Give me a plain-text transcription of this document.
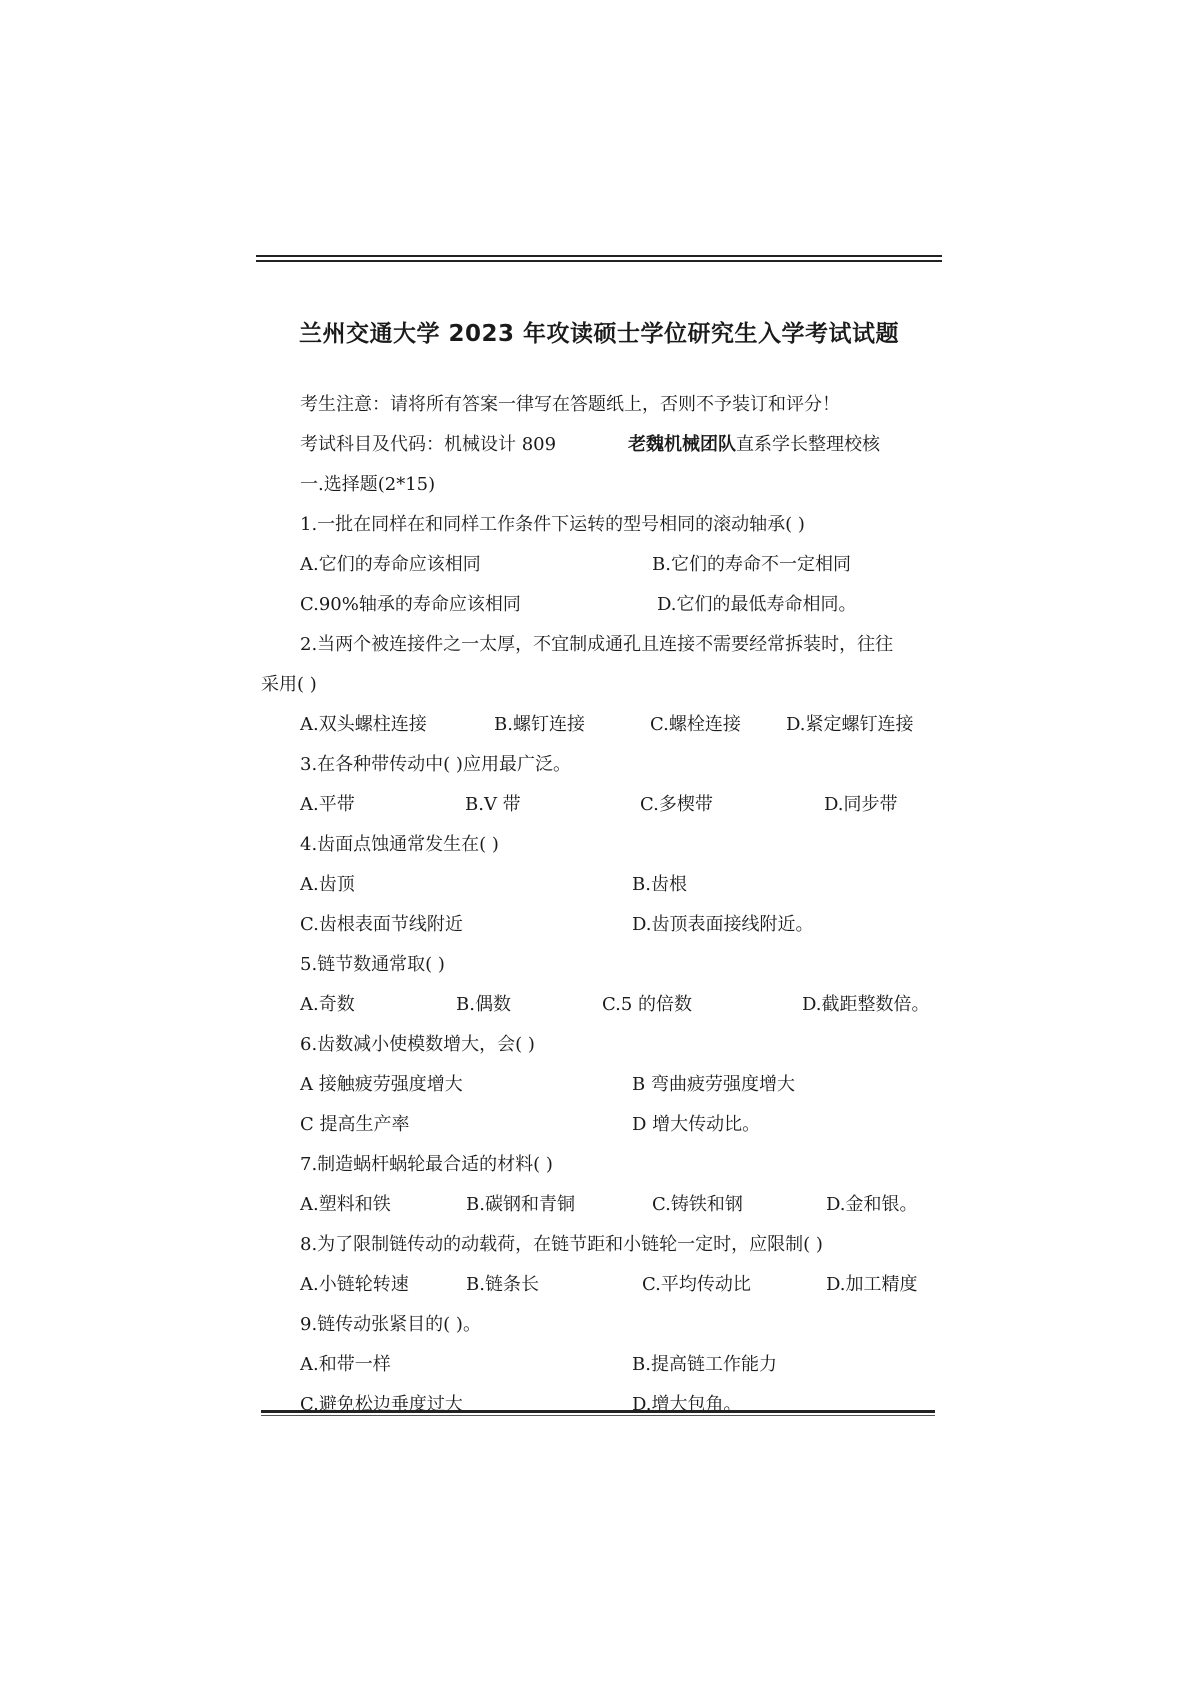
兰州交通大学 2023 年攻读硕士学位研究生入学考试试题
考生注意：请将所有答案一律写在答题纸上，否则不予装订和评分！
考试科目及代码：机械设计 809	老魏机械团队直系学长整理校核
一.选择题(2*15)
1.一批在同样在和同样工作条件下运转的型号相同的滚动轴承( )
A.它们的寿命应该相同	B.它们的寿命不一定相同
C.90%轴承的寿命应该相同	D.它们的最低寿命相同。
2.当两个被连接件之一太厚，不宜制成通孔且连接不需要经常拆装时，往往
采用( )
A.双头螺柱连接	B.螺钉连接	C.螺栓连接	D.紧定螺钉连接
3.在各种带传动中( )应用最广泛。
A.平带	B.V 带	C.多楔带	D.同步带
4.齿面点蚀通常发生在( )
A.齿顶	B.齿根
C.齿根表面节线附近	D.齿顶表面接线附近。
5.链节数通常取( )
A.奇数	B.偶数	C.5 的倍数	D.截距整数倍。
6.齿数减小使模数增大，会( )
A 接触疲劳强度增大	B 弯曲疲劳强度增大
C 提高生产率	D 增大传动比。
7.制造蜗杆蜗轮最合适的材料( )
A.塑料和铁	B.碳钢和青铜	C.铸铁和钢	D.金和银。
8.为了限制链传动的动载荷，在链节距和小链轮一定时，应限制( )
A.小链轮转速	B.链条长	C.平均传动比	D.加工精度
9.链传动张紧目的( )。
A.和带一样	B.提高链工作能力
C.避免松边垂度过大	D.增大包角。
